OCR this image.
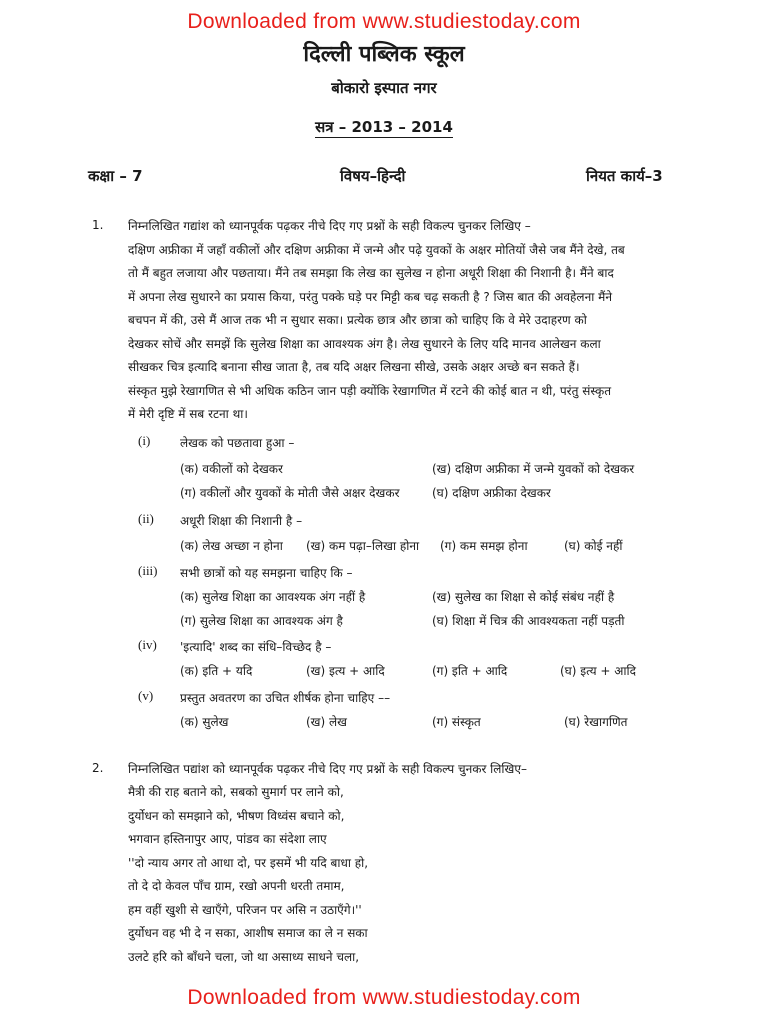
Downloaded from www.studiestoday.com
दिल्ली पब्लिक स्कूल
बोकारो इस्पात नगर
सत्र – 2013 – 2014
कक्षा – 7	विषय–हिन्दी	नियत कार्य–3
1. निम्नलिखित गद्यांश को ध्यानपूर्वक पढ़कर नीचे दिए गए प्रश्नों के सही विकल्प चुनकर लिखिए –
दक्षिण अफ्रीका में जहाँ वकीलों और दक्षिण अफ्रीका में जन्मे और पढ़े युवकों के अक्षर मोतियों जैसे जब मैंने देखे, तब
तो मैं बहुत लजाया और पछताया। मैंने तब समझा कि लेख का सुलेख न होना अधूरी शिक्षा की निशानी है। मैंने बाद
में अपना लेख सुधारने का प्रयास किया, परंतु पक्के घड़े पर मिट्टी कब चढ़ सकती है ? जिस बात की अवहेलना मैंने
बचपन में की, उसे मैं आज तक भी न सुधार सका। प्रत्येक छात्र और छात्रा को चाहिए कि वे मेरे उदाहरण को
देखकर सोचें और समझें कि सुलेख शिक्षा का आवश्यक अंग है। लेख सुधारने के लिए यदि मानव आलेखन कला
सीखकर चित्र इत्यादि बनाना सीख जाता है, तब यदि अक्षर लिखना सीखे, उसके अक्षर अच्छे बन सकते हैं।
संस्कृत मुझे रेखागणित से भी अधिक कठिन जान पड़ी क्योंकि रेखागणित में रटने की कोई बात न थी, परंतु संस्कृत
में मेरी दृष्टि में सब रटना था।
(i) लेखक को पछतावा हुआ –
(क) वकीलों को देखकर	(ख) दक्षिण अफ्रीका में जन्मे युवकों को देखकर
(ग) वकीलों और युवकों के मोती जैसे अक्षर देखकर	(घ) दक्षिण अफ्रीका देखकर
(ii) अधूरी शिक्षा की निशानी है –
(क) लेख अच्छा न होना (ख) कम पढ़ा–लिखा होना (ग) कम समझ होना	(घ) कोई नहीं
(iii) सभी छात्रों को यह समझना चाहिए कि –
(क) सुलेख शिक्षा का आवश्यक अंग नहीं है	(ख) सुलेख का शिक्षा से कोई संबंध नहीं है
(ग) सुलेख शिक्षा का आवश्यक अंग है	(घ) शिक्षा में चित्र की आवश्यकता नहीं पड़ती
(iv) 'इत्यादि' शब्द का संधि–विच्छेद है –
(क) इति + यदि	(ख) इत्य + आदि	(ग) इति + आदि	(घ) इत्य + आदि
(v) प्रस्तुत अवतरण का उचित शीर्षक होना चाहिए ––
(क) सुलेख	(ख) लेख	(ग) संस्कृत	(घ) रेखागणित
2. निम्नलिखित पद्यांश को ध्यानपूर्वक पढ़कर नीचे दिए गए प्रश्नों के सही विकल्प चुनकर लिखिए–
मैत्री की राह बताने को, सबको सुमार्ग पर लाने को,
दुर्योधन को समझाने को, भीषण विध्वंस बचाने को,
भगवान हस्तिनापुर आए, पांडव का संदेशा लाए
''दो न्याय अगर तो आधा दो, पर इसमें भी यदि बाधा हो,
तो दे दो केवल पाँच ग्राम, रखो अपनी धरती तमाम,
हम वहीं खुशी से खाएँगे, परिजन पर असि न उठाएँगे।''
दुर्योधन वह भी दे न सका, आशीष समाज का ले न सका
उलटे हरि को बाँधने चला, जो था असाध्य साधने चला,
Downloaded from www.studiestoday.com
